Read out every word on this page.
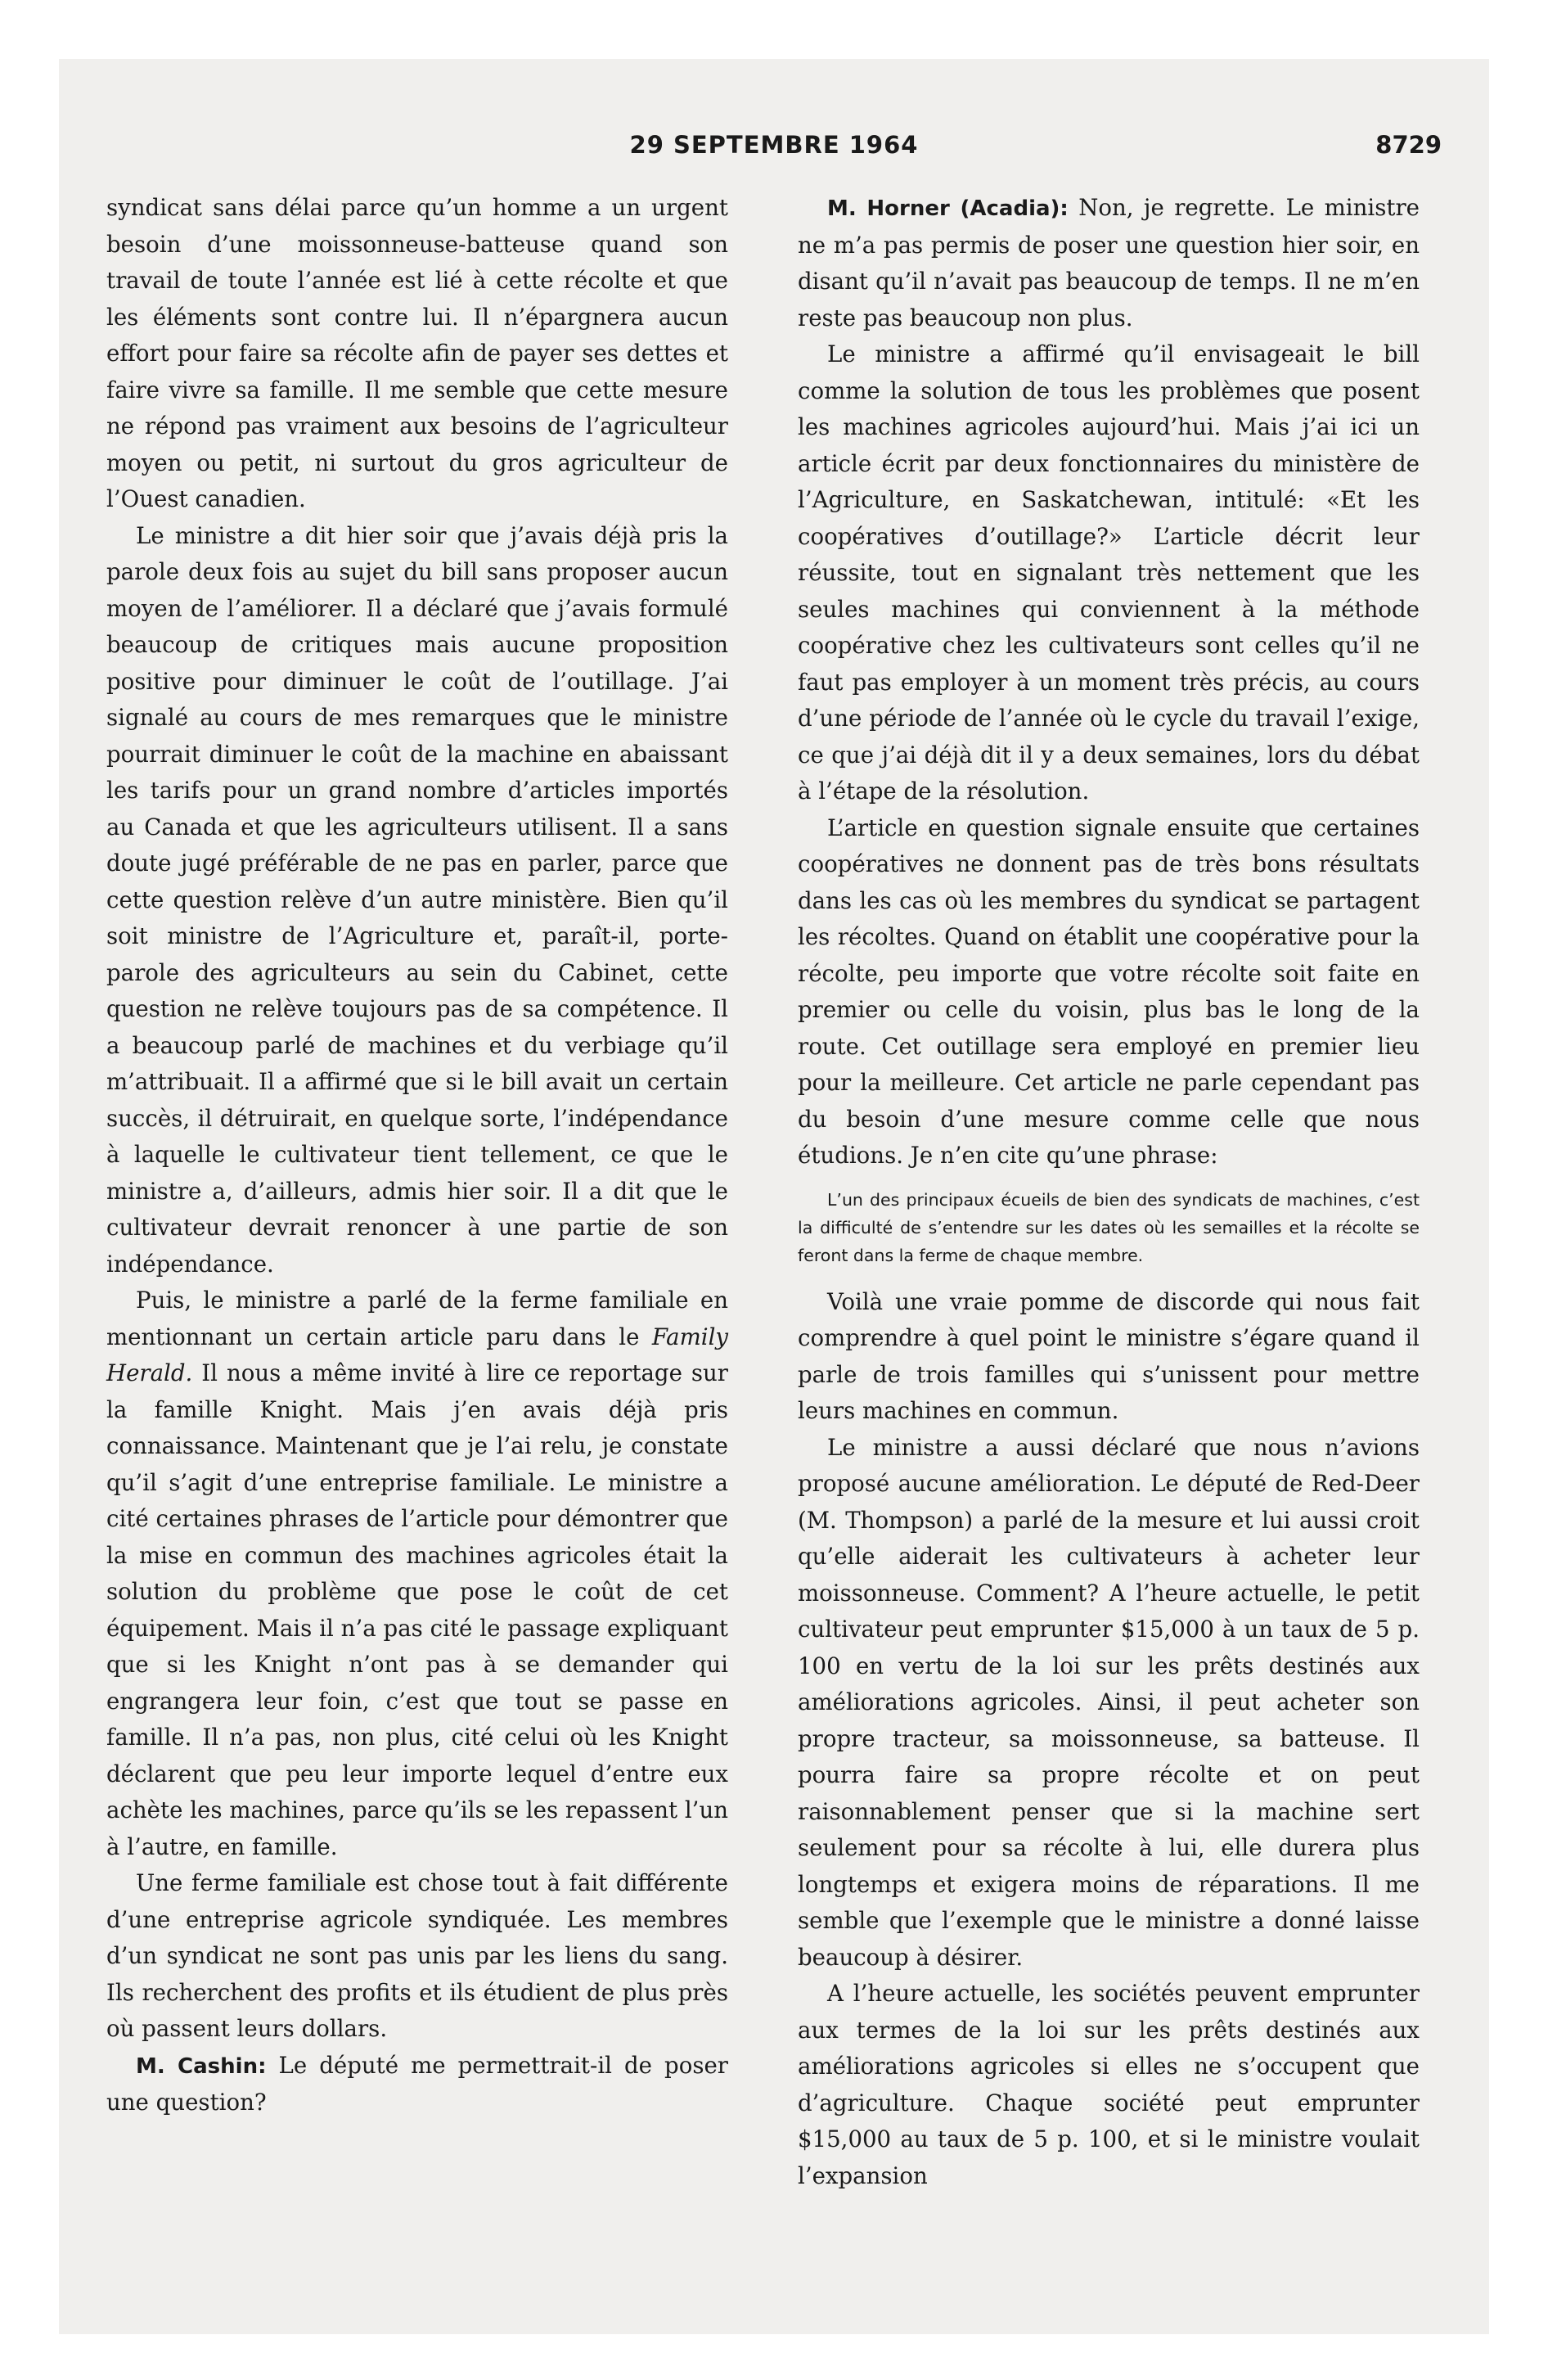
29 SEPTEMBRE 1964	8729

syndicat sans délai parce qu’un homme a un urgent besoin d’une moissonneuse-batteuse quand son travail de toute l’année est lié à cette récolte et que les éléments sont contre lui. Il n’épargnera aucun effort pour faire sa récolte afin de payer ses dettes et faire vivre sa famille. Il me semble que cette mesure ne répond pas vraiment aux besoins de l’agriculteur moyen ou petit, ni surtout du gros agriculteur de l’Ouest canadien.

Le ministre a dit hier soir que j’avais déjà pris la parole deux fois au sujet du bill sans proposer aucun moyen de l’améliorer. Il a déclaré que j’avais formulé beaucoup de critiques mais aucune proposition positive pour diminuer le coût de l’outillage. J’ai signalé au cours de mes remarques que le ministre pourrait diminuer le coût de la machine en abaissant les tarifs pour un grand nombre d’articles importés au Canada et que les agriculteurs utilisent. Il a sans doute jugé préférable de ne pas en parler, parce que cette question relève d’un autre ministère. Bien qu’il soit ministre de l’Agriculture et, paraît-il, porte-parole des agriculteurs au sein du Cabinet, cette question ne relève toujours pas de sa compétence. Il a beaucoup parlé de machines et du verbiage qu’il m’attribuait. Il a affirmé que si le bill avait un certain succès, il détruirait, en quelque sorte, l’indépendance à laquelle le cultivateur tient tellement, ce que le ministre a, d’ailleurs, admis hier soir. Il a dit que le cultivateur devrait renoncer à une partie de son indépendance.

Puis, le ministre a parlé de la ferme familiale en mentionnant un certain article paru dans le Family Herald. Il nous a même invité à lire ce reportage sur la famille Knight. Mais j’en avais déjà pris connaissance. Maintenant que je l’ai relu, je constate qu’il s’agit d’une entreprise familiale. Le ministre a cité certaines phrases de l’article pour démontrer que la mise en commun des machines agricoles était la solution du problème que pose le coût de cet équipement. Mais il n’a pas cité le passage expliquant que si les Knight n’ont pas à se demander qui engrangera leur foin, c’est que tout se passe en famille. Il n’a pas, non plus, cité celui où les Knight déclarent que peu leur importe lequel d’entre eux achète les machines, parce qu’ils se les repassent l’un à l’autre, en famille.

Une ferme familiale est chose tout à fait différente d’une entreprise agricole syndiquée. Les membres d’un syndicat ne sont pas unis par les liens du sang. Ils recherchent des profits et ils étudient de plus près où passent leurs dollars.

M. Cashin: Le député me permettrait-il de poser une question?

M. Horner (Acadia): Non, je regrette. Le ministre ne m’a pas permis de poser une question hier soir, en disant qu’il n’avait pas beaucoup de temps. Il ne m’en reste pas beaucoup non plus.

Le ministre a affirmé qu’il envisageait le bill comme la solution de tous les problèmes que posent les machines agricoles aujourd’hui. Mais j’ai ici un article écrit par deux fonctionnaires du ministère de l’Agriculture, en Saskatchewan, intitulé: «Et les coopératives d’outillage?» L’article décrit leur réussite, tout en signalant très nettement que les seules machines qui conviennent à la méthode coopérative chez les cultivateurs sont celles qu’il ne faut pas employer à un moment très précis, au cours d’une période de l’année où le cycle du travail l’exige, ce que j’ai déjà dit il y a deux semaines, lors du débat à l’étape de la résolution.

L’article en question signale ensuite que certaines coopératives ne donnent pas de très bons résultats dans les cas où les membres du syndicat se partagent les récoltes. Quand on établit une coopérative pour la récolte, peu importe que votre récolte soit faite en premier ou celle du voisin, plus bas le long de la route. Cet outillage sera employé en premier lieu pour la meilleure. Cet article ne parle cependant pas du besoin d’une mesure comme celle que nous étudions. Je n’en cite qu’une phrase:

L’un des principaux écueils de bien des syndicats de machines, c’est la difficulté de s’entendre sur les dates où les semailles et la récolte se feront dans la ferme de chaque membre.

Voilà une vraie pomme de discorde qui nous fait comprendre à quel point le ministre s’égare quand il parle de trois familles qui s’unissent pour mettre leurs machines en commun.

Le ministre a aussi déclaré que nous n’avions proposé aucune amélioration. Le député de Red-Deer (M. Thompson) a parlé de la mesure et lui aussi croit qu’elle aiderait les cultivateurs à acheter leur moissonneuse. Comment? A l’heure actuelle, le petit cultivateur peut emprunter $15,000 à un taux de 5 p. 100 en vertu de la loi sur les prêts destinés aux améliorations agricoles. Ainsi, il peut acheter son propre tracteur, sa moissonneuse, sa batteuse. Il pourra faire sa propre récolte et on peut raisonnablement penser que si la machine sert seulement pour sa récolte à lui, elle durera plus longtemps et exigera moins de réparations. Il me semble que l’exemple que le ministre a donné laisse beaucoup à désirer.

A l’heure actuelle, les sociétés peuvent emprunter aux termes de la loi sur les prêts destinés aux améliorations agricoles si elles ne s’occupent que d’agriculture. Chaque société peut emprunter $15,000 au taux de 5 p. 100, et si le ministre voulait l’expansion
